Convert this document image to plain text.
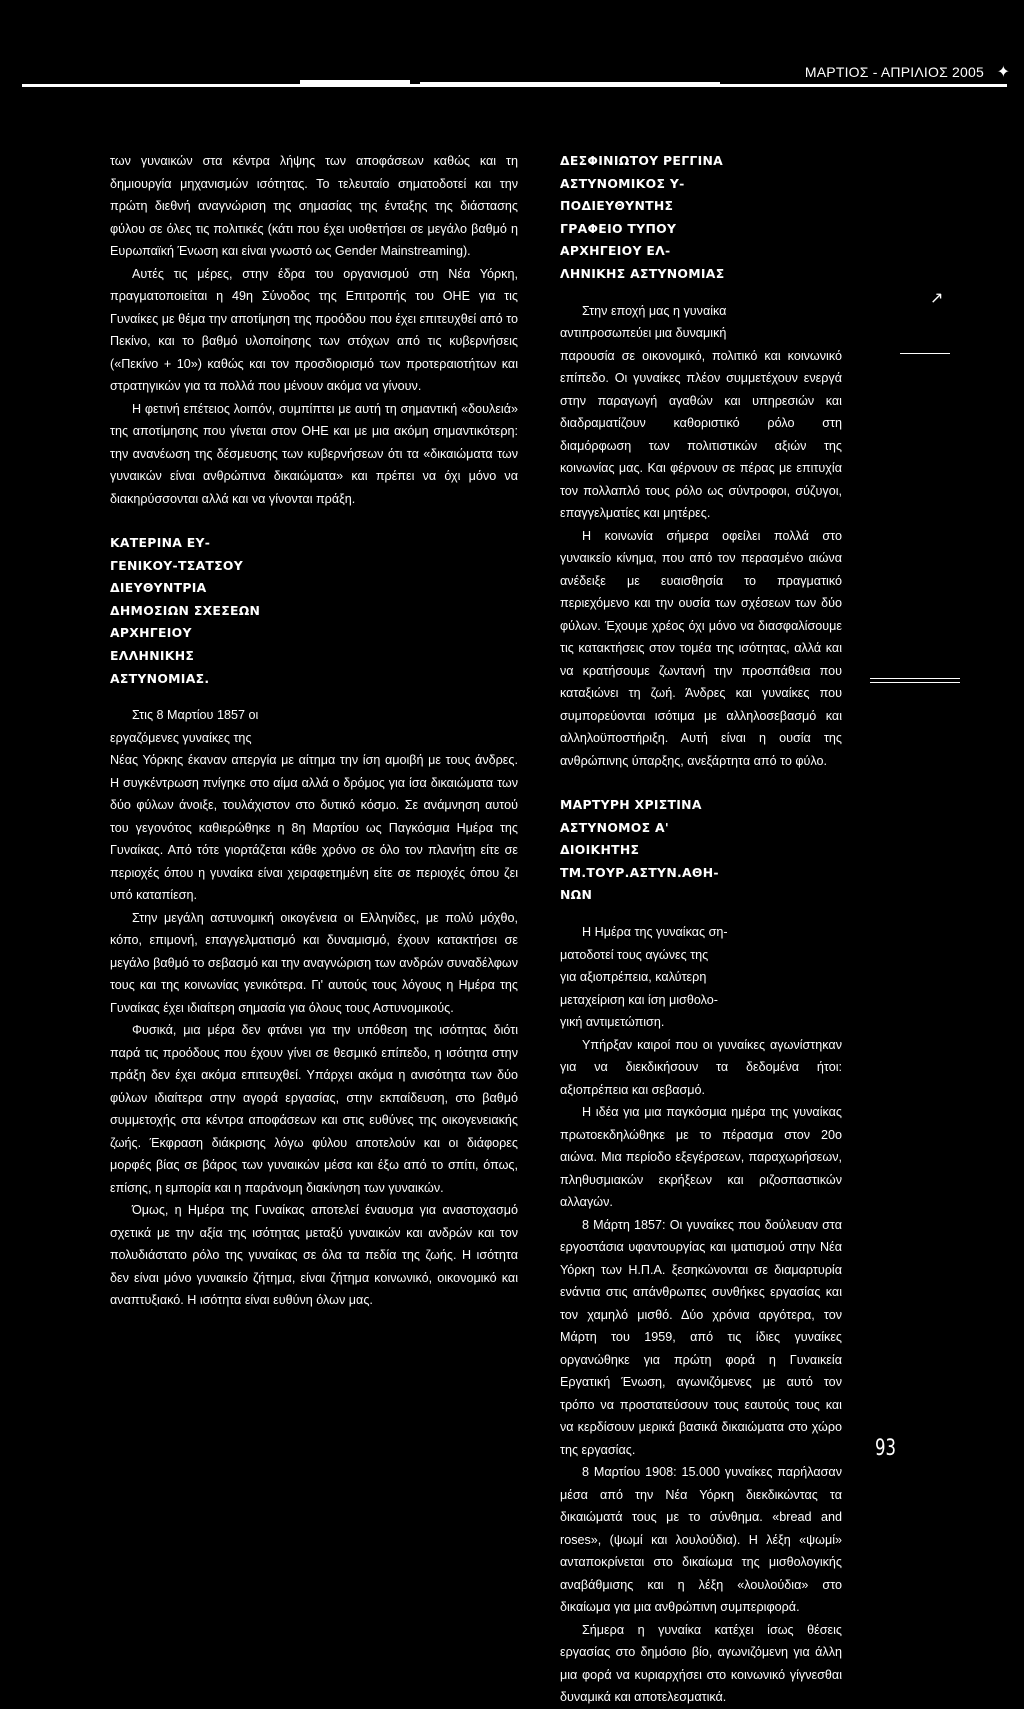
ΜΑΡΤΙΟΣ - ΑΠΡΙΛΙΟΣ 2005 ✦

των γυναικών στα κέντρα λήψης των αποφάσεων καθώς και τη δημιουργία μηχανισμών ισότητας. Το τελευταίο σηματοδοτεί και την πρώτη διεθνή αναγνώριση της σημασίας της ένταξης της διάστασης φύλου σε όλες τις πολιτικές (κάτι που έχει υιοθετήσει σε μεγάλο βαθμό η Ευρωπαϊκή Ένωση και είναι γνωστό ως Gender Mainstreaming).

Αυτές τις μέρες, στην έδρα του οργανισμού στη Νέα Υόρκη, πραγματοποιείται η 49η Σύνοδος της Επιτροπής του ΟΗΕ για τις Γυναίκες με θέμα την αποτίμηση της προόδου που έχει επιτευχθεί από το Πεκίνο, και το βαθμό υλοποίησης των στόχων από τις κυβερνήσεις («Πεκίνο + 10») καθώς και τον προσδιορισμό των προτεραιοτήτων και στρατηγικών για τα πολλά που μένουν ακόμα να γίνουν.

Η φετινή επέτειος λοιπόν, συμπίπτει με αυτή τη σημαντική «δουλειά» της αποτίμησης που γίνεται στον ΟΗΕ και με μια ακόμη σημαντικότερη: την ανανέωση της δέσμευσης των κυβερνήσεων ότι τα «δικαιώματα των γυναικών είναι ανθρώπινα δικαιώματα» και πρέπει να όχι μόνο να διακηρύσσονται αλλά και να γίνονται πράξη.

ΚΑΤΕΡΙΝΑ ΕΥ-
ΓΕΝΙΚΟΥ-ΤΣΑΤΣΟΥ
ΔΙΕΥΘΥΝΤΡΙΑ
ΔΗΜΟΣΙΩΝ ΣΧΕΣΕΩΝ
ΑΡΧΗΓΕΙΟΥ
ΕΛΛΗΝΙΚΗΣ
ΑΣΤΥΝΟΜΙΑΣ.

Στις 8 Μαρτίου 1857 οι

εργαζόμενες γυναίκες της

Νέας Υόρκης έκαναν απεργία με αίτημα την ίση αμοιβή με τους άνδρες. Η συγκέντρωση πνίγηκε στο αίμα αλλά ο δρόμος για ίσα δικαιώματα των δύο φύλων άνοιξε, τουλάχιστον στο δυτικό κόσμο. Σε ανάμνηση αυτού του γεγονότος καθιερώθηκε η 8η Μαρτίου ως Παγκόσμια Ημέρα της Γυναίκας. Από τότε γιορτάζεται κάθε χρόνο σε όλο τον πλανήτη είτε σε περιοχές όπου η γυναίκα είναι χειραφετημένη είτε σε περιοχές όπου ζει υπό καταπίεση.

Στην μεγάλη αστυνομική οικογένεια οι Ελληνίδες, με πολύ μόχθο, κόπο, επιμονή, επαγγελματισμό και δυναμισμό, έχουν κατακτήσει σε μεγάλο βαθμό το σεβασμό και την αναγνώριση των ανδρών συναδέλφων τους και της κοινωνίας γενικότερα. Γι' αυτούς τους λόγους η Ημέρα της Γυναίκας έχει ιδιαίτερη σημασία για όλους τους Αστυνομικούς.

Φυσικά, μια μέρα δεν φτάνει για την υπόθεση της ισότητας διότι παρά τις προόδους που έχουν γίνει σε θεσμικό επίπεδο, η ισότητα στην πράξη δεν έχει ακόμα επιτευχθεί. Υπάρχει ακόμα η ανισότητα των δύο φύλων ιδιαίτερα στην αγορά εργασίας, στην εκπαίδευση, στο βαθμό συμμετοχής στα κέντρα αποφάσεων και στις ευθύνες της οικογενειακής ζωής. Έκφραση διάκρισης λόγω φύλου αποτελούν και οι διάφορες μορφές βίας σε βάρος των γυναικών μέσα και έξω από το σπίτι, όπως, επίσης, η εμπορία και η παράνομη διακίνηση των γυναικών.

Όμως, η Ημέρα της Γυναίκας αποτελεί έναυσμα για αναστοχασμό σχετικά με την αξία της ισότητας μεταξύ γυναικών και ανδρών και τον πολυδιάστατο ρόλο της γυναίκας σε όλα τα πεδία της ζωής. Η ισότητα δεν είναι μόνο γυναικείο ζήτημα, είναι ζήτημα κοινωνικό, οικονομικό και αναπτυξιακό. Η ισότητα είναι ευθύνη όλων μας.

ΔΕΣΦΙΝΙΩΤΟΥ ΡΕΓΓΙΝΑ
ΑΣΤΥΝΟΜΙΚΟΣ Υ-
ΠΟΔΙΕΥΘΥΝΤΗΣ
ΓΡΑΦΕΙΟ ΤΥΠΟΥ
ΑΡΧΗΓΕΙΟΥ ΕΛ-
ΛΗΝΙΚΗΣ ΑΣΤΥΝΟΜΙΑΣ

Στην εποχή μας η γυναίκα

αντιπροσωπεύει μια δυναμική

παρουσία σε οικονομικό, πολιτικό και κοινωνικό επίπεδο. Οι γυναίκες πλέον συμμετέχουν ενεργά στην παραγωγή αγαθών και υπηρεσιών και διαδραματίζουν καθοριστικό ρόλο στη διαμόρφωση των πολιτιστικών αξιών της κοινωνίας μας. Και φέρνουν σε πέρας με επιτυχία τον πολλαπλό τους ρόλο ως σύντροφοι, σύζυγοι, επαγγελματίες και μητέρες.

Η κοινωνία σήμερα οφείλει πολλά στο γυναικείο κίνημα, που από τον περασμένο αιώνα ανέδειξε με ευαισθησία το πραγματικό περιεχόμενο και την ουσία των σχέσεων των δύο φύλων. Έχουμε χρέος όχι μόνο να διασφαλίσουμε τις κατακτήσεις στον τομέα της ισότητας, αλλά και να κρατήσουμε ζωντανή την προσπάθεια που καταξιώνει τη ζωή. Άνδρες και γυναίκες που συμπορεύονται ισότιμα με αλληλοσεβασμό και αλληλοϋποστήριξη. Αυτή είναι η ουσία της ανθρώπινης ύπαρξης, ανεξάρτητα από το φύλο.

ΜΑΡΤΥΡΗ ΧΡΙΣΤΙΝΑ
ΑΣΤΥΝΟΜΟΣ Α'
ΔΙΟΙΚΗΤΗΣ
ΤΜ.ΤΟΥΡ.ΑΣΤΥΝ.ΑΘΗ-
ΝΩΝ

Η Ημέρα της γυναίκας ση-

ματοδοτεί τους αγώνες της

για αξιοπρέπεια, καλύτερη

μεταχείριση και ίση μισθολο-

γική αντιμετώπιση.

Υπήρξαν καιροί που οι γυναίκες αγωνίστηκαν για να διεκδικήσουν τα δεδομένα ήτοι: αξιοπρέπεια και σεβασμό.

Η ιδέα για μια παγκόσμια ημέρα της γυναίκας πρωτοεκδηλώθηκε με το πέρασμα στον 20ο αιώνα. Μια περίοδο εξεγέρσεων, παραχωρήσεων, πληθυσμιακών εκρήξεων και ριζοσπαστικών αλλαγών.

8 Μάρτη 1857: Οι γυναίκες που δούλευαν στα εργοστάσια υφαντουργίας και ιματισμού στην Νέα Υόρκη των Η.Π.Α. ξεσηκώνονται σε διαμαρτυρία ενάντια στις απάνθρωπες συνθήκες εργασίας και τον χαμηλό μισθό. Δύο χρόνια αργότερα, τον Μάρτη του 1959, από τις ίδιες γυναίκες οργανώθηκε για πρώτη φορά η Γυναικεία Εργατική Ένωση, αγωνιζόμενες με αυτό τον τρόπο να προστατεύσουν τους εαυτούς τους και να κερδίσουν μερικά βασικά δικαιώματα στο χώρο της εργασίας.

8 Μαρτίου 1908: 15.000 γυναίκες παρήλασαν μέσα από την Νέα Υόρκη διεκδικώντας τα δικαιώματά τους με το σύνθημα. «bread and roses», (ψωμί και λουλούδια). Η λέξη «ψωμί» ανταποκρίνεται στο δικαίωμα της μισθολογικής αναβάθμισης και η λέξη «λουλούδια» στο δικαίωμα για μια ανθρώπινη συμπεριφορά.

Σήμερα η γυναίκα κατέχει ίσως θέσεις εργασίας στο δημόσιο βίο, αγωνιζόμενη για άλλη μια φορά να κυριαρχήσει στο κοινωνικό γίγνεσθαι δυναμικά και αποτελεσματικά.

↗
93
